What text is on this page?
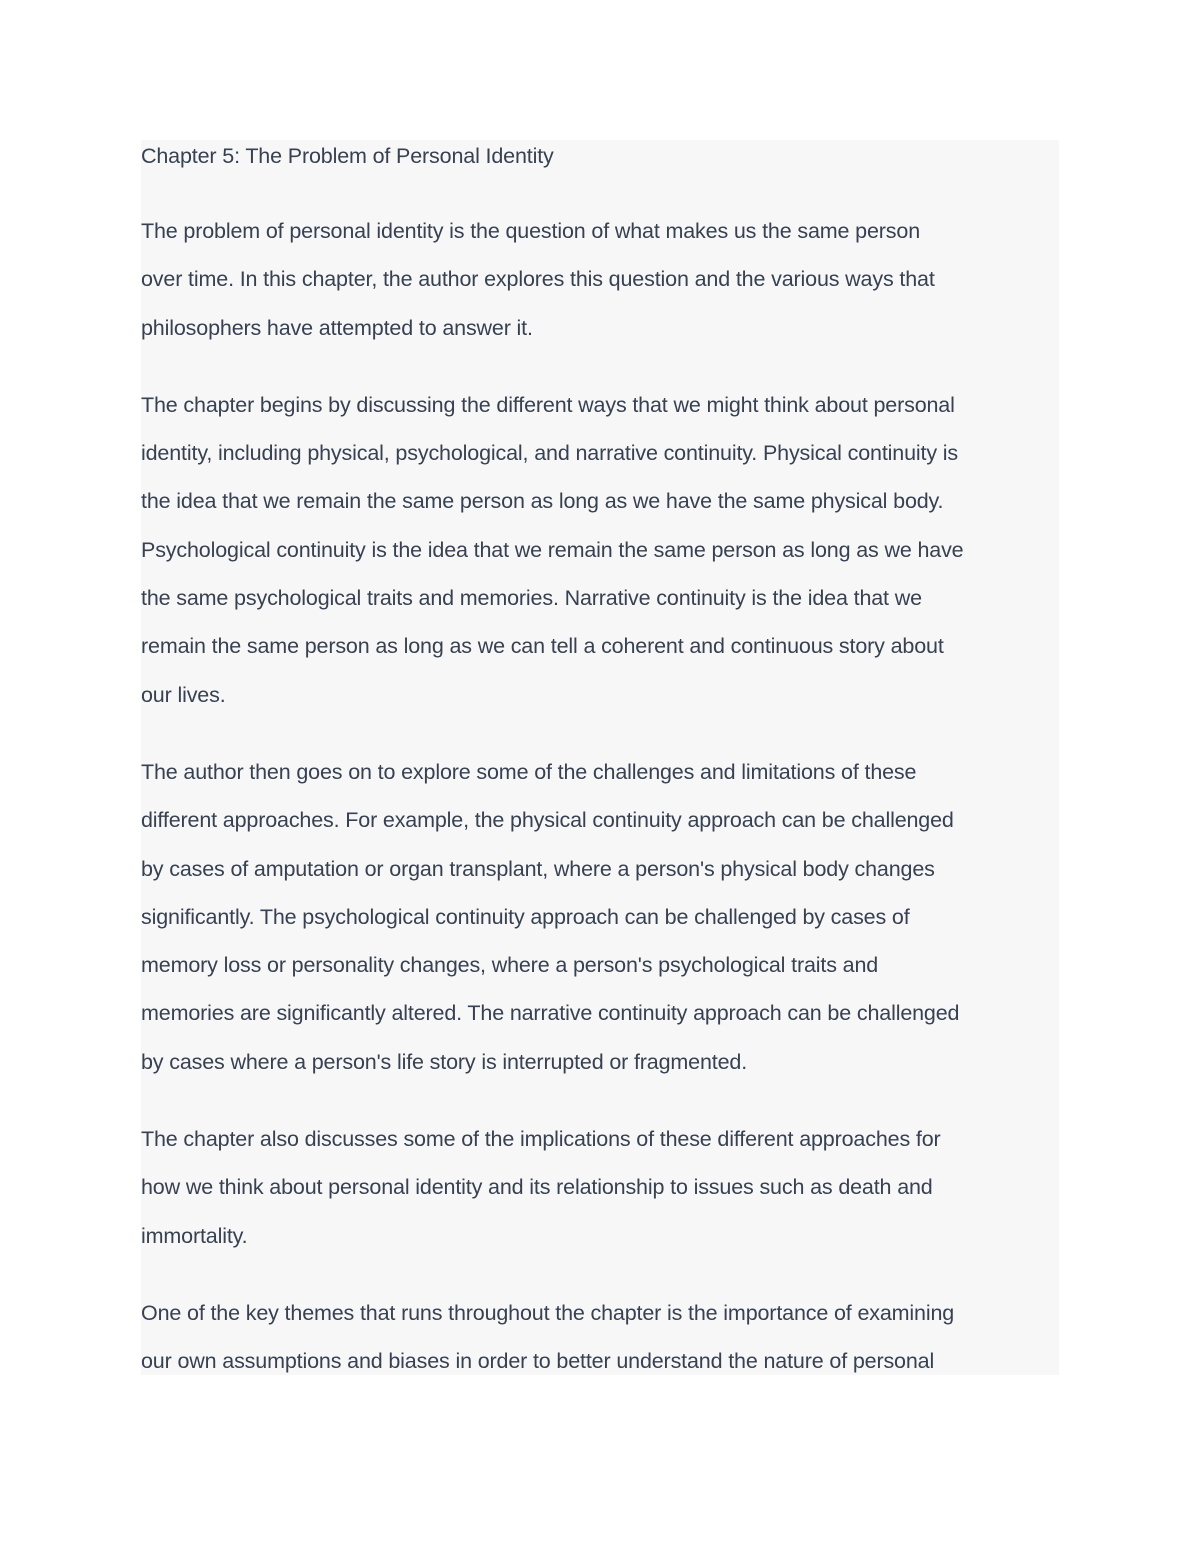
Chapter 5: The Problem of Personal Identity

The problem of personal identity is the question of what makes us the same person
over time. In this chapter, the author explores this question and the various ways that
philosophers have attempted to answer it.

The chapter begins by discussing the different ways that we might think about personal
identity, including physical, psychological, and narrative continuity. Physical continuity is
the idea that we remain the same person as long as we have the same physical body.
Psychological continuity is the idea that we remain the same person as long as we have
the same psychological traits and memories. Narrative continuity is the idea that we
remain the same person as long as we can tell a coherent and continuous story about
our lives.

The author then goes on to explore some of the challenges and limitations of these
different approaches. For example, the physical continuity approach can be challenged
by cases of amputation or organ transplant, where a person's physical body changes
significantly. The psychological continuity approach can be challenged by cases of
memory loss or personality changes, where a person's psychological traits and
memories are significantly altered. The narrative continuity approach can be challenged
by cases where a person's life story is interrupted or fragmented.

The chapter also discusses some of the implications of these different approaches for
how we think about personal identity and its relationship to issues such as death and
immortality.

One of the key themes that runs throughout the chapter is the importance of examining
our own assumptions and biases in order to better understand the nature of personal
